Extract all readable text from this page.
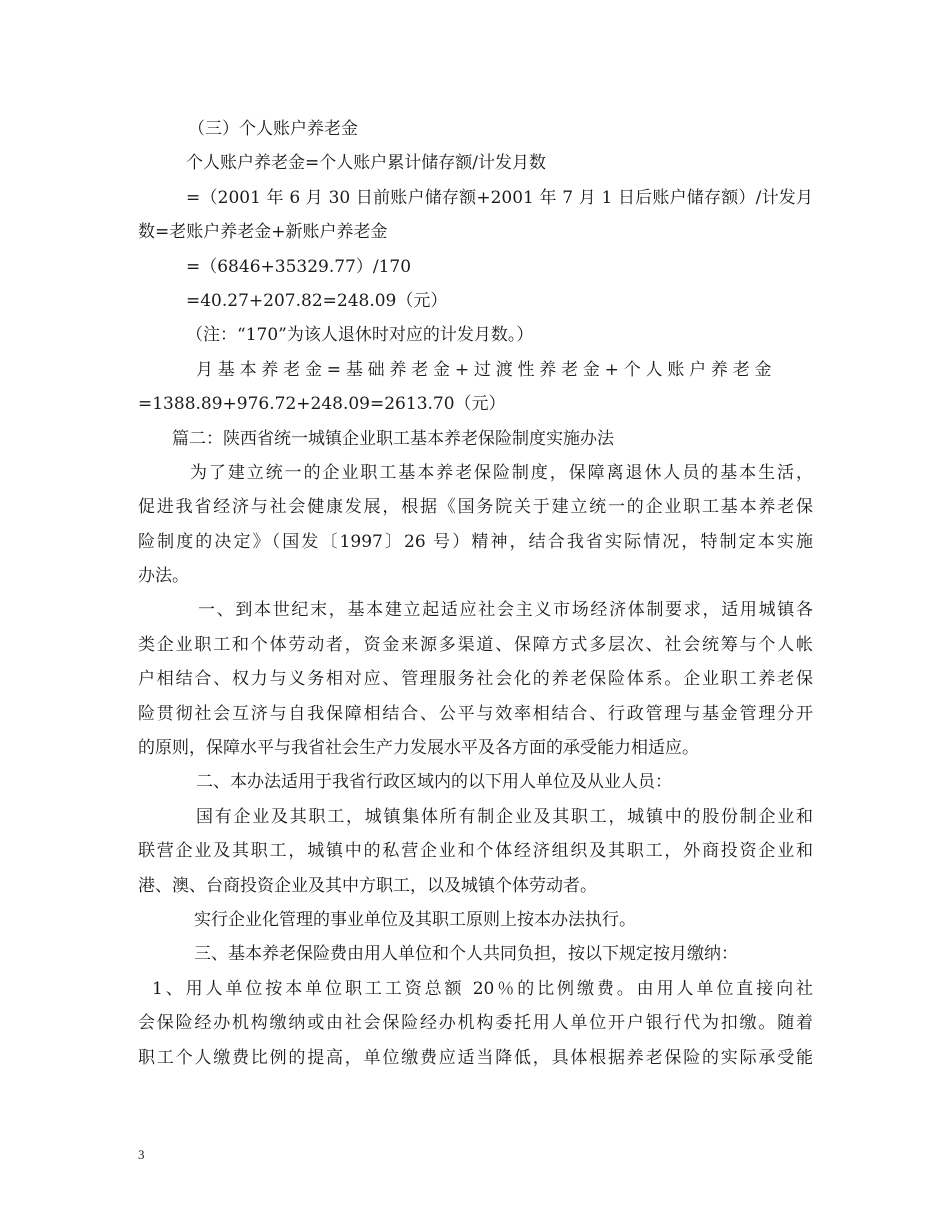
（三）个人账户养老金
个人账户养老金=个人账户累计储存额/计发月数
=（2001 年 6 月 30 日前账户储存额+2001 年 7 月 1 日后账户储存额）/计发月
数=老账户养老金+新账户养老金
=（6846+35329.77）/170
=40.27+207.82=248.09（元）
（注：“170”为该人退休时对应的计发月数。）
月基本养老金=基础养老金+过渡性养老金+个人账户养老金
=1388.89+976.72+248.09=2613.70（元）
篇二：陕西省统一城镇企业职工基本养老保险制度实施办法
为了建立统一的企业职工基本养老保险制度，保障离退休人员的基本生活，
促进我省经济与社会健康发展，根据《国务院关于建立统一的企业职工基本养老保
险制度的决定》（国发〔1997〕26 号）精神，结合我省实际情况，特制定本实施
办法。
一、到本世纪末，基本建立起适应社会主义市场经济体制要求，适用城镇各
类企业职工和个体劳动者，资金来源多渠道、保障方式多层次、社会统筹与个人帐
户相结合、权力与义务相对应、管理服务社会化的养老保险体系。企业职工养老保
险贯彻社会互济与自我保障相结合、公平与效率相结合、行政管理与基金管理分开
的原则，保障水平与我省社会生产力发展水平及各方面的承受能力相适应。
二、本办法适用于我省行政区域内的以下用人单位及从业人员：
国有企业及其职工，城镇集体所有制企业及其职工，城镇中的股份制企业和
联营企业及其职工，城镇中的私营企业和个体经济组织及其职工，外商投资企业和
港、澳、台商投资企业及其中方职工，以及城镇个体劳动者。
实行企业化管理的事业单位及其职工原则上按本办法执行。
三、基本养老保险费由用人单位和个人共同负担，按以下规定按月缴纳：
1、用人单位按本单位职工工资总额 20％的比例缴费。由用人单位直接向社
会保险经办机构缴纳或由社会保险经办机构委托用人单位开户银行代为扣缴。随着
职工个人缴费比例的提高，单位缴费应适当降低，具体根据养老保险的实际承受能
3
